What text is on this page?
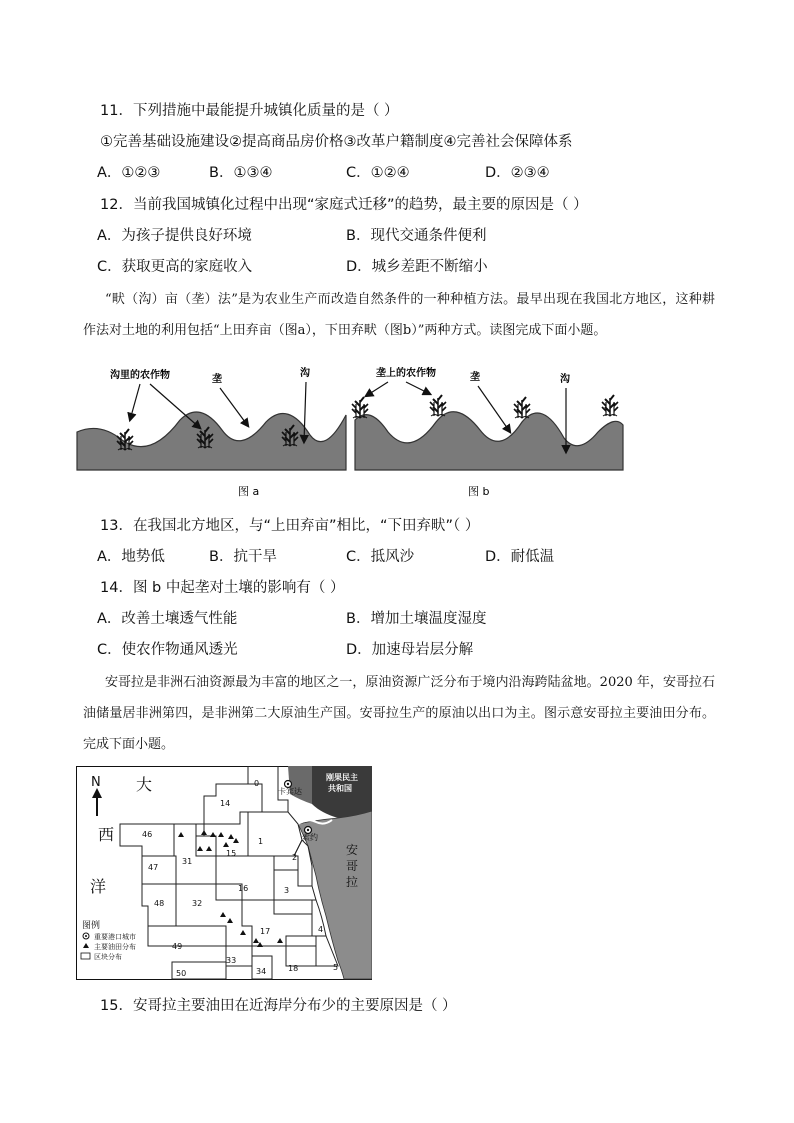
11．下列措施中最能提升城镇化质量的是（ ）
①完善基础设施建设②提高商品房价格③改革户籍制度④完善社会保障体系
A．①②③	B．①③④	C．①②④	D．②③④
12．当前我国城镇化过程中出现“家庭式迁移”的趋势，最主要的原因是（ ）
A．为孩子提供良好环境	B．现代交通条件便利
C．获取更高的家庭收入	D．城乡差距不断缩小
“畎（沟）亩（垄）法”是为农业生产而改造自然条件的一种种植方法。最早出现在我国北方地区，这种耕作法对土地的利用包括“上田弃亩（图a），下田弃畎（图b）”两种方式。读图完成下面小题。
沟里的农作物	垄
沟
图 a
垄上的农作物	垄	沟
图 b
13．在我国北方地区，与“上田弃亩”相比，“下田弃畎”（ ）
A．地势低	B．抗干旱	C．抵风沙	D．耐低温
14．图 b 中起垄对土壤的影响有（ ）
A．改善土壤透气性能	B．增加土壤温度湿度
C．使农作物通风透光	D．加速母岩层分解
安哥拉是非洲石油资源最为丰富的地区之一，原油资源广泛分布于境内沿海跨陆盆地。2020 年，安哥拉石油储量居非洲第四，是非洲第二大原油生产国。安哥拉生产的原油以出口为主。图示意安哥拉主要油田分布。完成下面小题。
0
14
1
2
3
4
5
15
16
17
18
31
32
33
34
46
47
48
49
50
卡宾达
索约
刚果民主
共和国
安
哥
拉
大
西
洋
N
图例
重要港口城市
主要油田分布
区块分布
15．安哥拉主要油田在近海岸分布少的主要原因是（ ）
